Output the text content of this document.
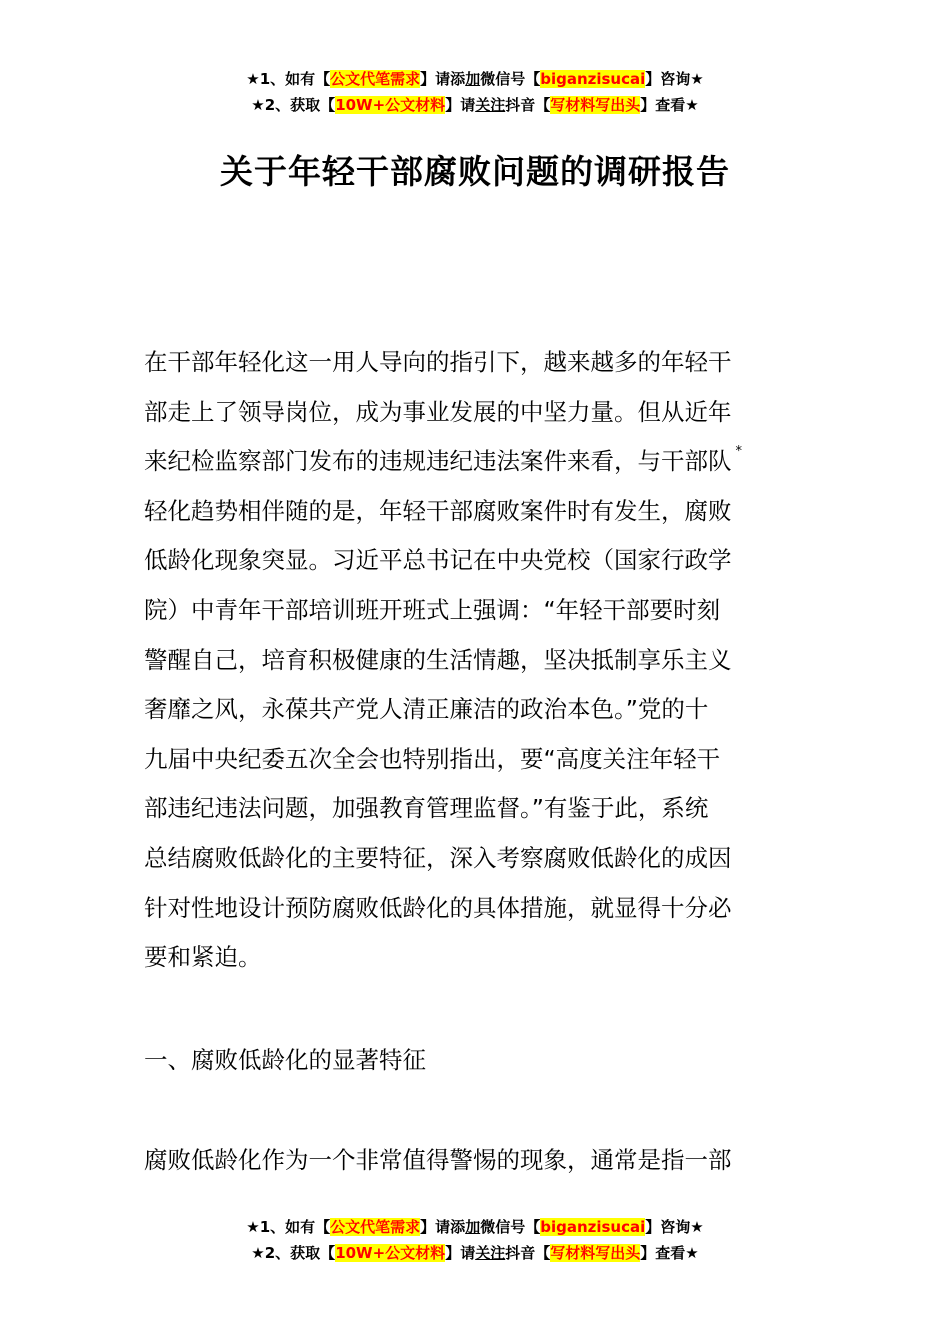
★1、如有【公文代笔需求】请添加微信号【biganzisucai】咨询★
★2、获取【10W+公文材料】请关注抖音【写材料写出头】查看★
关于年轻干部腐败问题的调研报告
在干部年轻化这一用人导向的指引下，越来越多的年轻干
部走上了领导岗位，成为事业发展的中坚力量。但从近年
来纪检监察部门发布的违规违纪违法案件来看，与干部队 *
轻化趋势相伴随的是，年轻干部腐败案件时有发生，腐败
低龄化现象突显。习近平总书记在中央党校（国家行政学
院）中青年干部培训班开班式上强调：“年轻干部要时刻
警醒自己，培育积极健康的生活情趣，坚决抵制享乐主义
奢靡之风，永葆共产党人清正廉洁的政治本色。”党的十
九届中央纪委五次全会也特别指出，要“高度关注年轻干
部违纪违法问题，加强教育管理监督。”有鉴于此，系统
总结腐败低龄化的主要特征，深入考察腐败低龄化的成因
针对性地设计预防腐败低龄化的具体措施，就显得十分必
要和紧迫。
一、腐败低龄化的显著特征
腐败低龄化作为一个非常值得警惕的现象，通常是指一部
★1、如有【公文代笔需求】请添加微信号【biganzisucai】咨询★
★2、获取【10W+公文材料】请关注抖音【写材料写出头】查看★
